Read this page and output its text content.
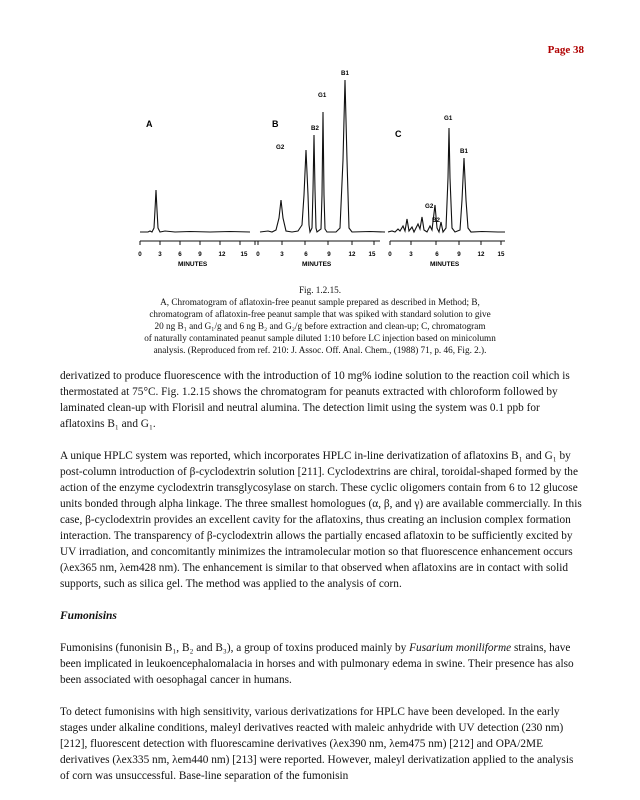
Page 38
A
0	3	6	9	12 15
MINUTES
B
0	3	6	9	12 15
MINUTES
G2
B2
G1
B1
C
0	3	6	9	12 15
MINUTES
G2
B2
G1
B1
Fig. 1.2.15.
A, Chromatogram of aflatoxin-free peanut sample prepared as described in Method; B,
chromatogram of aflatoxin-free peanut sample that was spiked with standard solution to give
20 ng B₁ and G₁/g and 6 ng B₂ and G₂/g before extraction and clean-up; C, chromatogram
of naturally contaminated peanut sample diluted 1:10 before LC injection based on minicolumn
analysis. (Reproduced from ref. 210: J. Assoc. Off. Anal. Chem., (1988) 71, p. 46, Fig. 2.).

derivatized to produce fluorescence with the introduction of 10 mg% iodine solution to the reaction coil which is thermostated at 75°C. Fig. 1.2.15 shows the chromatogram for peanuts extracted with chloroform followed by laminated clean-up with Florisil and neutral alumina. The detection limit using the system was 0.1 ppb for aflatoxins B₁ and G₁.

A unique HPLC system was reported, which incorporates HPLC in-line derivatization of aflatoxins B₁ and G₁ by post-column introduction of β-cyclodextrin solution [211]. Cyclodextrins are chiral, toroidal-shaped formed by the action of the enzyme cyclodextrin transglycosylase on starch. These cyclic oligomers contain from 6 to 12 glucose units bonded through alpha linkage. The three smallest homologues (α, β, and γ) are available commercially. In this case, β-cyclodextrin provides an excellent cavity for the aflatoxins, thus creating an inclusion complex formation interaction. The transparency of β-cyclodextrin allows the partially encased aflatoxin to be sufficiently excited by UV irradiation, and concomitantly minimizes the intramolecular motion so that fluorescence enhancement occurs (λex365 nm, λem428 nm). The enhancement is similar to that observed when aflatoxins are in contact with solid supports, such as silica gel. The method was applied to the analysis of corn.

Fumonisins

Fumonisins (funonisin B₁, B₂ and B₃), a group of toxins produced mainly by Fusarium moniliforme strains, have been implicated in leukoencephalomalacia in horses and with pulmonary edema in swine. Their presence has also been associated with oesophagal cancer in humans.

To detect fumonisins with high sensitivity, various derivatizations for HPLC have been developed. In the early stages under alkaline conditions, maleyl derivatives reacted with maleic anhydride with UV detection (230 nm) [212], fluorescent detection with fluorescamine derivatives (λex390 nm, λem475 nm) [212] and OPA/2ME derivatives (λex335 nm, λem440 nm) [213] were reported. However, maleyl derivatization applied to the analysis of corn was unsuccessful. Base-line separation of the fumonisin
